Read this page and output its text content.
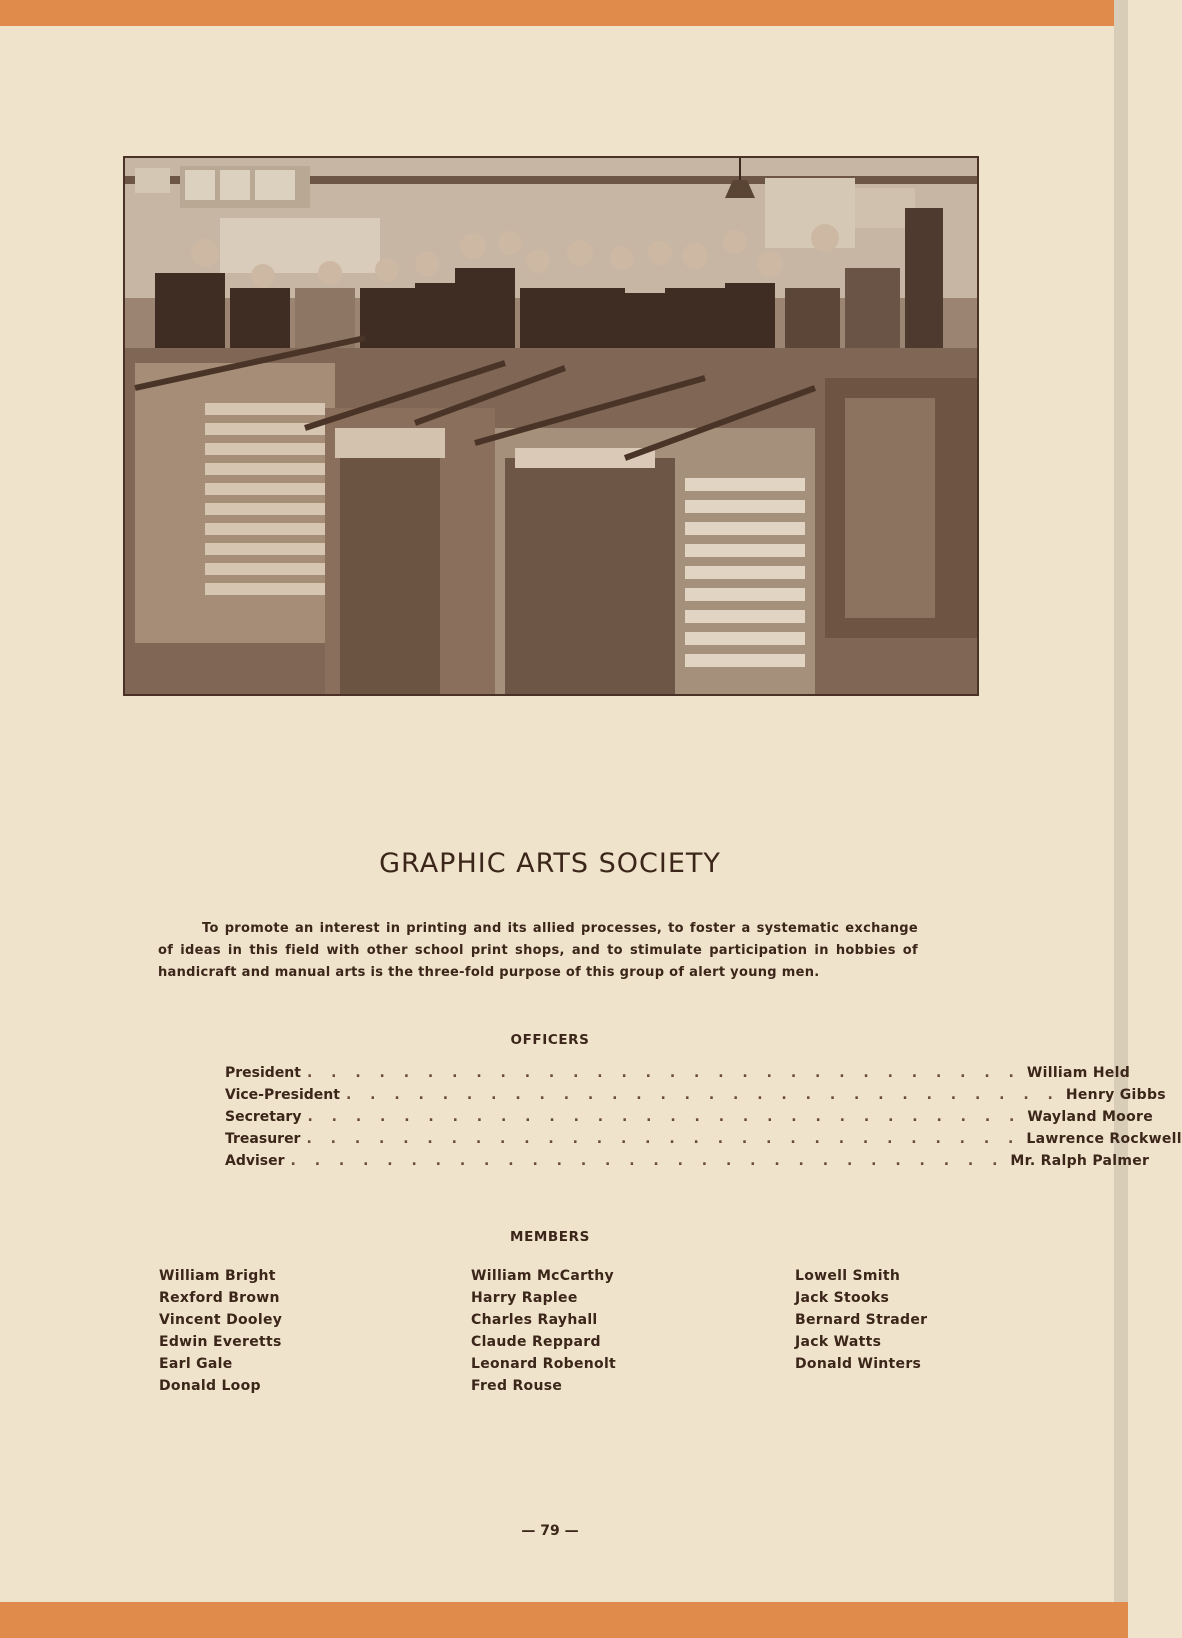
GRAPHIC ARTS SOCIETY
To promote an interest in printing and its allied processes, to foster a systematic exchange of ideas in this field with other school print shops, and to stimulate participation in hobbies of handicraft and manual arts is the three-fold purpose of this group of alert young men.
OFFICERS
President . . . . . . . . . . . . . . . . . . . . . . . . . . . . . . William Held
Vice-President . . . . . . . . . . . . . . . . . . . . . . . . . . . . . . Henry Gibbs
Secretary . . . . . . . . . . . . . . . . . . . . . . . . . . . . . . Wayland Moore
Treasurer . . . . . . . . . . . . . . . . . . . . . . . . . . . . . . Lawrence Rockwell
Adviser . . . . . . . . . . . . . . . . . . . . . . . . . . . . . . Mr. Ralph Palmer
MEMBERS
William Bright
Rexford Brown
Vincent Dooley
Edwin Everetts
Earl Gale
Donald Loop
William McCarthy
Harry Raplee
Charles Rayhall
Claude Reppard
Leonard Robenolt
Fred Rouse
Lowell Smith
Jack Stooks
Bernard Strader
Jack Watts
Donald Winters
— 79 —
